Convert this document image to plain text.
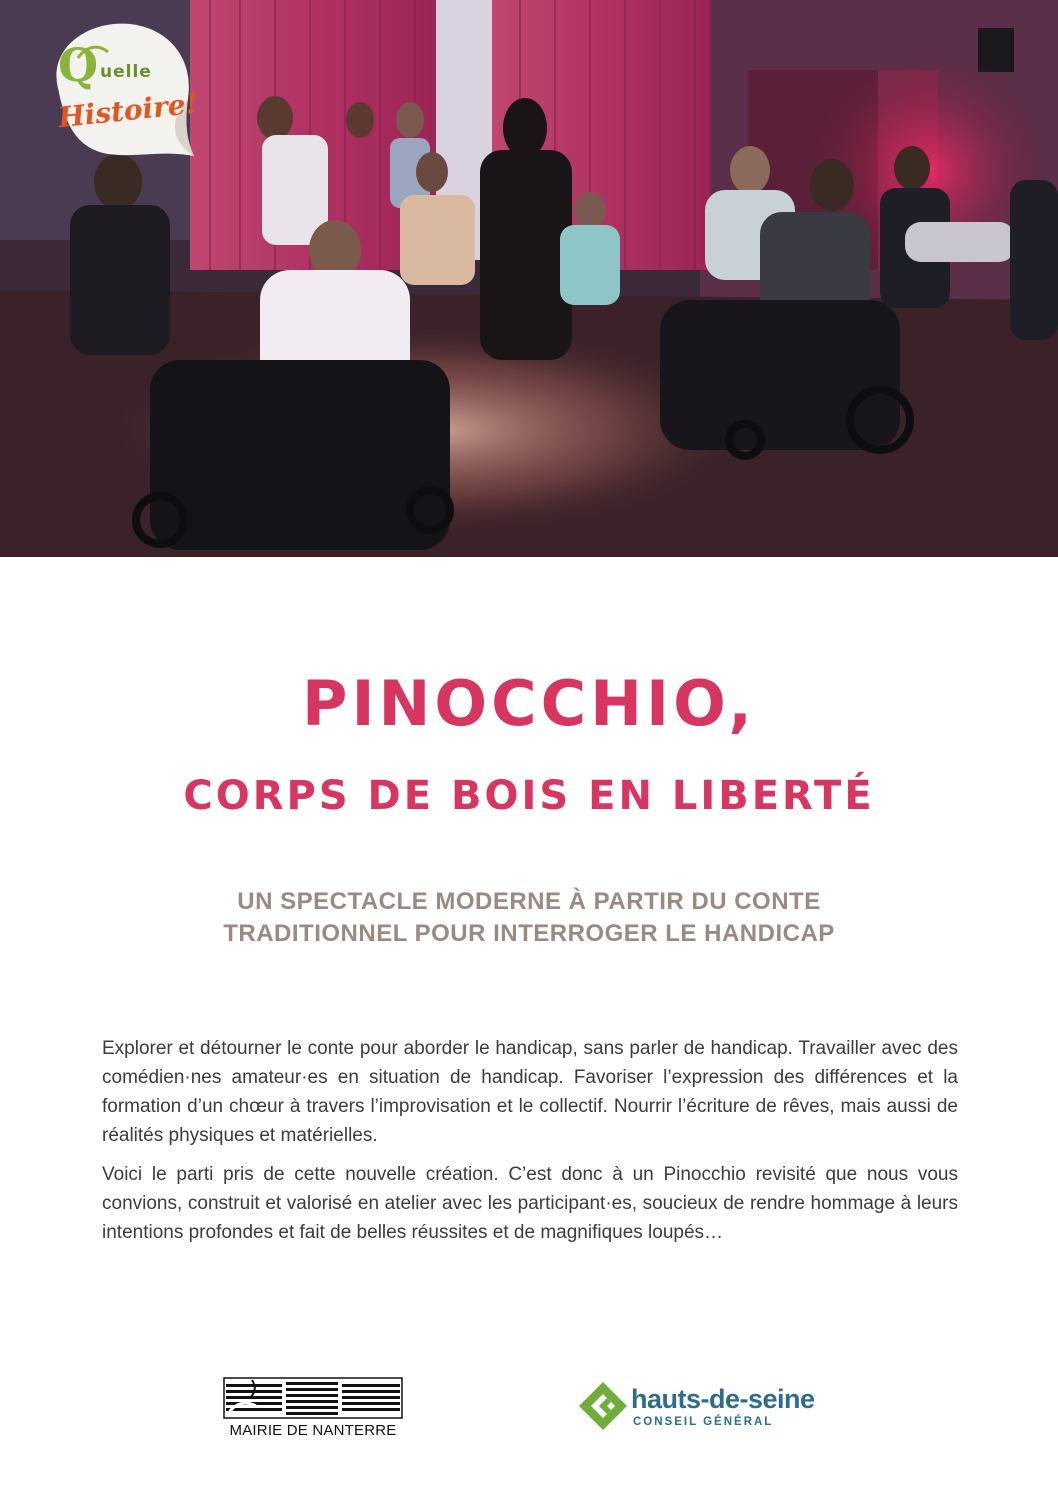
Q uelle
Histoire!
PINOCCHIO,
CORPS DE BOIS EN LIBERTÉ
UN SPECTACLE MODERNE À PARTIR DU CONTE
TRADITIONNEL POUR INTERROGER LE HANDICAP

Explorer et détourner le conte pour aborder le handicap, sans parler de handicap. Travailler avec des comédien·nes amateur·es en situation de handicap. Favoriser l’expression des différences et la formation d’un chœur à travers l’improvisation et le collectif. Nourrir l’écriture de rêves, mais aussi de réalités physiques et matérielles.

Voici le parti pris de cette nouvelle création. C’est donc à un Pinocchio revisité que nous vous convions, construit et valorisé en atelier avec les participant·es, soucieux de rendre hommage à leurs intentions profondes et fait de belles réussites et de magnifiques loupés…

MAIRIE DE NANTERRE
hauts-de-seine
CONSEIL GÉNÉRAL
